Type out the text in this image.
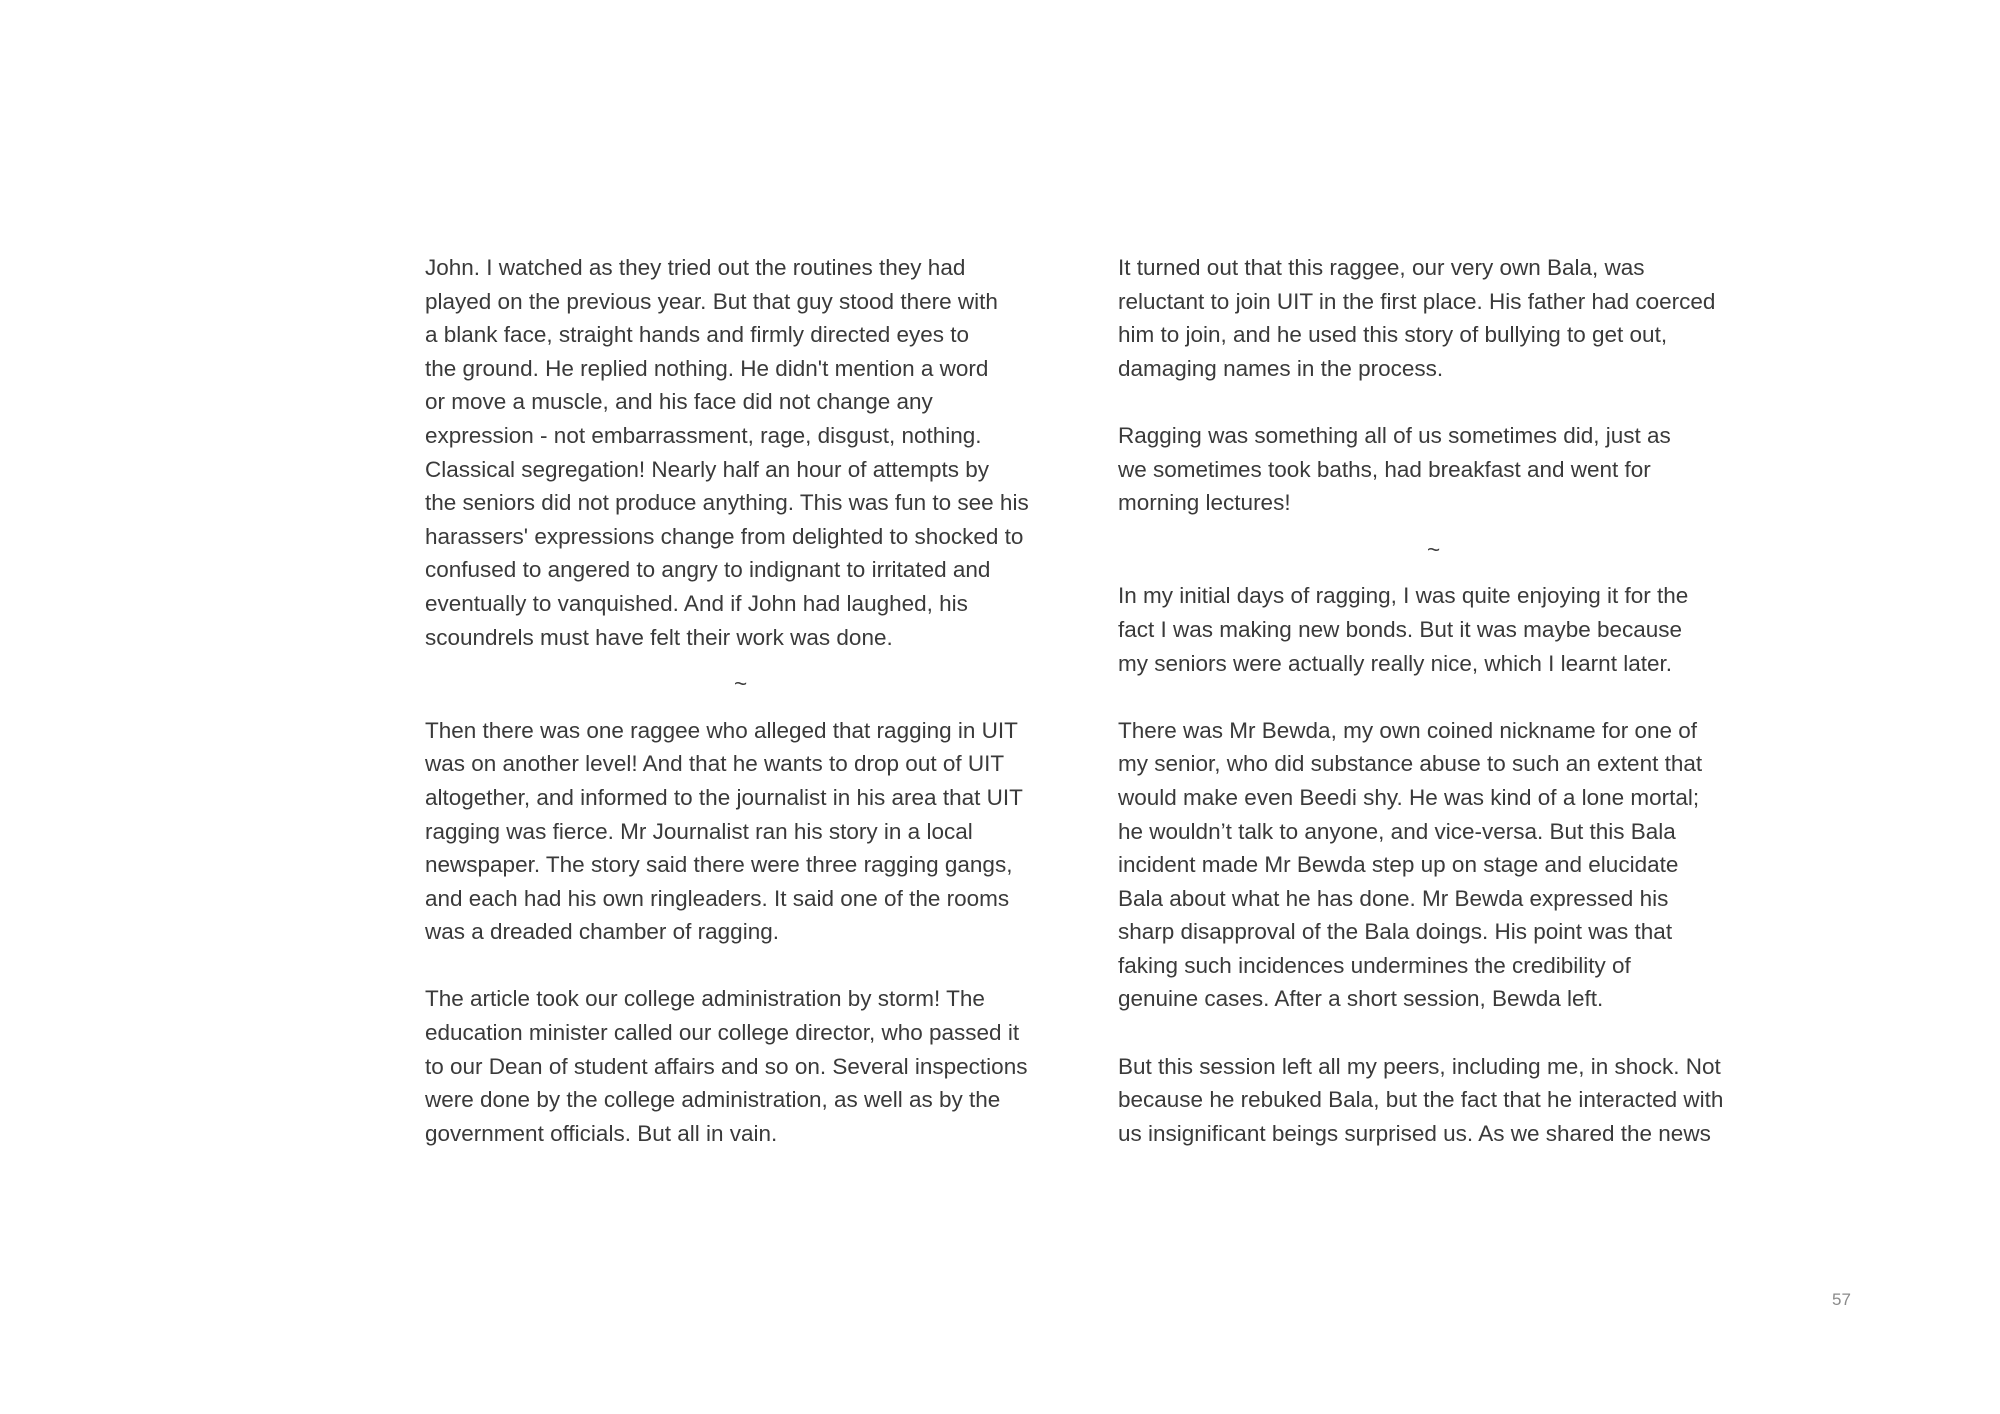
John. I watched as they tried out the routines they had
played on the previous year. But that guy stood there with
a blank face, straight hands and firmly directed eyes to
the ground. He replied nothing. He didn't mention a word
or move a muscle, and his face did not change any
expression - not embarrassment, rage, disgust, nothing.
Classical segregation! Nearly half an hour of attempts by
the seniors did not produce anything. This was fun to see his
harassers' expressions change from delighted to shocked to
confused to angered to angry to indignant to irritated and
eventually to vanquished. And if John had laughed, his
scoundrels must have felt their work was done.
~
Then there was one raggee who alleged that ragging in UIT
was on another level! And that he wants to drop out of UIT
altogether, and informed to the journalist in his area that UIT
ragging was fierce. Mr Journalist ran his story in a local
newspaper. The story said there were three ragging gangs,
and each had his own ringleaders. It said one of the rooms
was a dreaded chamber of ragging.
The article took our college administration by storm! The
education minister called our college director, who passed it
to our Dean of student affairs and so on. Several inspections
were done by the college administration, as well as by the
government officials. But all in vain.
It turned out that this raggee, our very own Bala, was
reluctant to join UIT in the first place. His father had coerced
him to join, and he used this story of bullying to get out,
damaging names in the process.
Ragging was something all of us sometimes did, just as
we sometimes took baths, had breakfast and went for
morning lectures!
~
In my initial days of ragging, I was quite enjoying it for the
fact I was making new bonds. But it was maybe because
my seniors were actually really nice, which I learnt later.
There was Mr Bewda, my own coined nickname for one of
my senior, who did substance abuse to such an extent that
would make even Beedi shy. He was kind of a lone mortal;
he wouldn’t talk to anyone, and vice-versa. But this Bala
incident made Mr Bewda step up on stage and elucidate
Bala about what he has done. Mr Bewda expressed his
sharp disapproval of the Bala doings. His point was that
faking such incidences undermines the credibility of
genuine cases. After a short session, Bewda left.
But this session left all my peers, including me, in shock. Not
because he rebuked Bala, but the fact that he interacted with
us insignificant beings surprised us. As we shared the news
57
